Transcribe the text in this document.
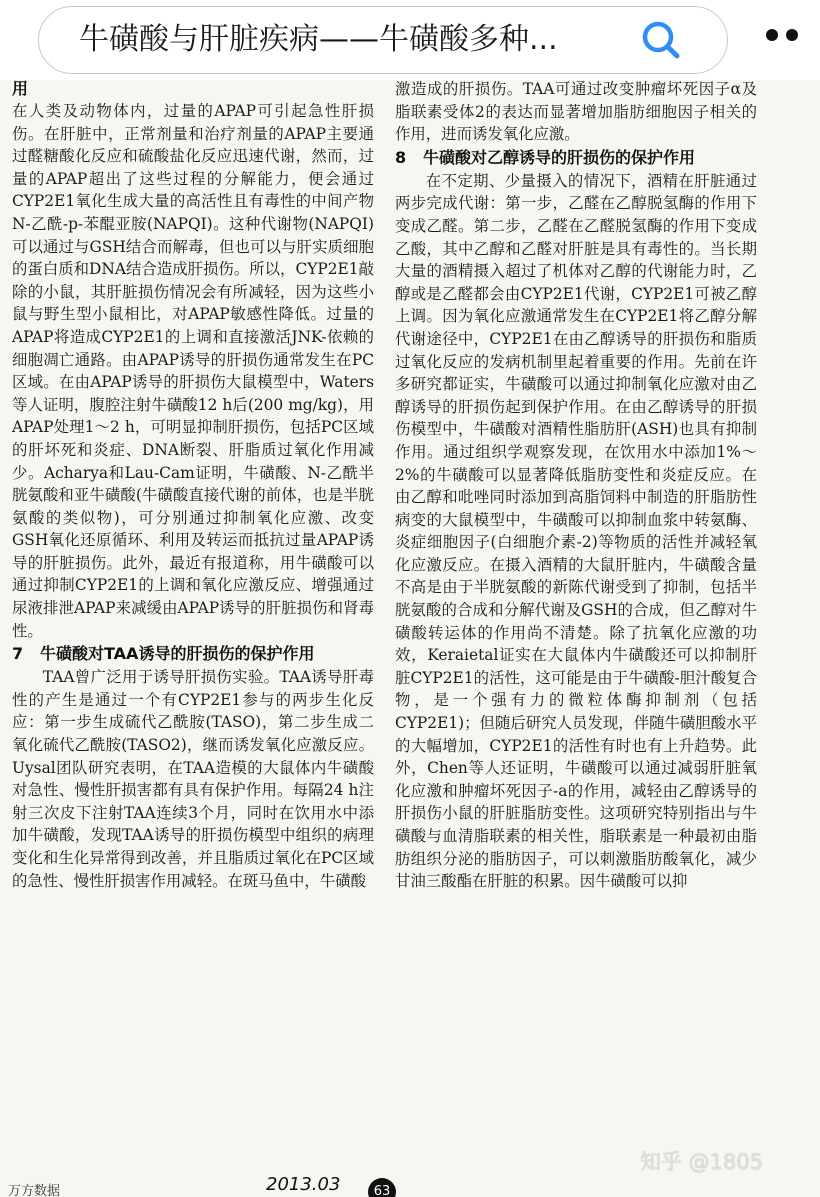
牛磺酸与肝脏疾病——牛磺酸多种...
用

在人类及动物体内，过量的APAP可引起急性肝损伤。在肝脏中，正常剂量和治疗剂量的APAP主要通过醛糖酸化反应和硫酸盐化反应迅速代谢，然而，过量的APAP超出了这些过程的分解能力，便会通过CYP2E1氧化生成大量的高活性且有毒性的中间产物N-乙酰-p-苯醌亚胺(NAPQI)。这种代谢物(NAPQI)可以通过与GSH结合而解毒，但也可以与肝实质细胞的蛋白质和DNA结合造成肝损伤。所以，CYP2E1敲除的小鼠，其肝脏损伤情况会有所减轻，因为这些小鼠与野生型小鼠相比，对APAP敏感性降低。过量的APAP将造成CYP2E1的上调和直接激活JNK-依赖的细胞凋亡通路。由APAP诱导的肝损伤通常发生在PC区域。在由APAP诱导的肝损伤大鼠模型中，Waters等人证明，腹腔注射牛磺酸12 h后(200 mg/kg)，用APAP处理1～2 h，可明显抑制肝损伤，包括PC区域的肝坏死和炎症、DNA断裂、肝脂质过氧化作用减少。Acharya和Lau-Cam证明，牛磺酸、N-乙酰半胱氨酸和亚牛磺酸(牛磺酸直接代谢的前体，也是半胱氨酸的类似物)，可分别通过抑制氧化应激、改变GSH氧化还原循环、利用及转运而抵抗过量APAP诱导的肝脏损伤。此外，最近有报道称，用牛磺酸可以通过抑制CYP2E1的上调和氧化应激反应、增强通过尿液排泄APAP来减缓由APAP诱导的肝脏损伤和肾毒性。

7 牛磺酸对TAA诱导的肝损伤的保护作用

TAA曾广泛用于诱导肝损伤实验。TAA诱导肝毒性的产生是通过一个有CYP2E1参与的两步生化反应：第一步生成硫代乙酰胺(TASO)，第二步生成二氧化硫代乙酰胺(TASO2)，继而诱发氧化应激反应。Uysal团队研究表明，在TAA造模的大鼠体内牛磺酸对急性、慢性肝损害都有具有保护作用。每隔24 h注射三次皮下注射TAA连续3个月，同时在饮用水中添加牛磺酸，发现TAA诱导的肝损伤模型中组织的病理变化和生化异常得到改善，并且脂质过氧化在PC区域的急性、慢性肝损害作用减轻。在斑马鱼中，牛磺酸

激造成的肝损伤。TAA可通过改变肿瘤坏死因子α及脂联素受体2的表达而显著增加脂肪细胞因子相关的作用，进而诱发氧化应激。

8 牛磺酸对乙醇诱导的肝损伤的保护作用

在不定期、少量摄入的情况下，酒精在肝脏通过两步完成代谢：第一步，乙醛在乙醇脱氢酶的作用下变成乙醛。第二步，乙醛在乙醛脱氢酶的作用下变成乙酸，其中乙醇和乙醛对肝脏是具有毒性的。当长期大量的酒精摄入超过了机体对乙醇的代谢能力时，乙醇或是乙醛都会由CYP2E1代谢，CYP2E1可被乙醇上调。因为氧化应激通常发生在CYP2E1将乙醇分解代谢途径中，CYP2E1在由乙醇诱导的肝损伤和脂质过氧化反应的发病机制里起着重要的作用。先前在许多研究都证实，牛磺酸可以通过抑制氧化应激对由乙醇诱导的肝损伤起到保护作用。在由乙醇诱导的肝损伤模型中，牛磺酸对酒精性脂肪肝(ASH)也具有抑制作用。通过组织学观察发现，在饮用水中添加1%～2%的牛磺酸可以显著降低脂肪变性和炎症反应。在由乙醇和吡唑同时添加到高脂饲料中制造的肝脂肪性病变的大鼠模型中，牛磺酸可以抑制血浆中转氨酶、炎症细胞因子(白细胞介素-2)等物质的活性并减轻氧化应激反应。在摄入酒精的大鼠肝脏内，牛磺酸含量不高是由于半胱氨酸的新陈代谢受到了抑制，包括半胱氨酸的合成和分解代谢及GSH的合成，但乙醇对牛磺酸转运体的作用尚不清楚。除了抗氧化应激的功效，Keraietal证实在大鼠体内牛磺酸还可以抑制肝脏CYP2E1的活性，这可能是由于牛磺酸-胆汁酸复合物，是一个强有力的微粒体酶抑制剂（包括CYP2E1)；但随后研究人员发现，伴随牛磺胆酸水平的大幅增加，CYP2E1的活性有时也有上升趋势。此外，Chen等人还证明，牛磺酸可以通过减弱肝脏氧化应激和肿瘤坏死因子-a的作用，减轻由乙醇诱导的肝损伤小鼠的肝脏脂肪变性。这项研究特别指出与牛磺酸与血清脂联素的相关性，脂联素是一种最初由脂肪组织分泌的脂肪因子，可以刺激脂肪酸氧化，减少甘油三酸酯在肝脏的积累。因牛磺酸可以抑

万方数据	2013.03	63
知乎 @1805
